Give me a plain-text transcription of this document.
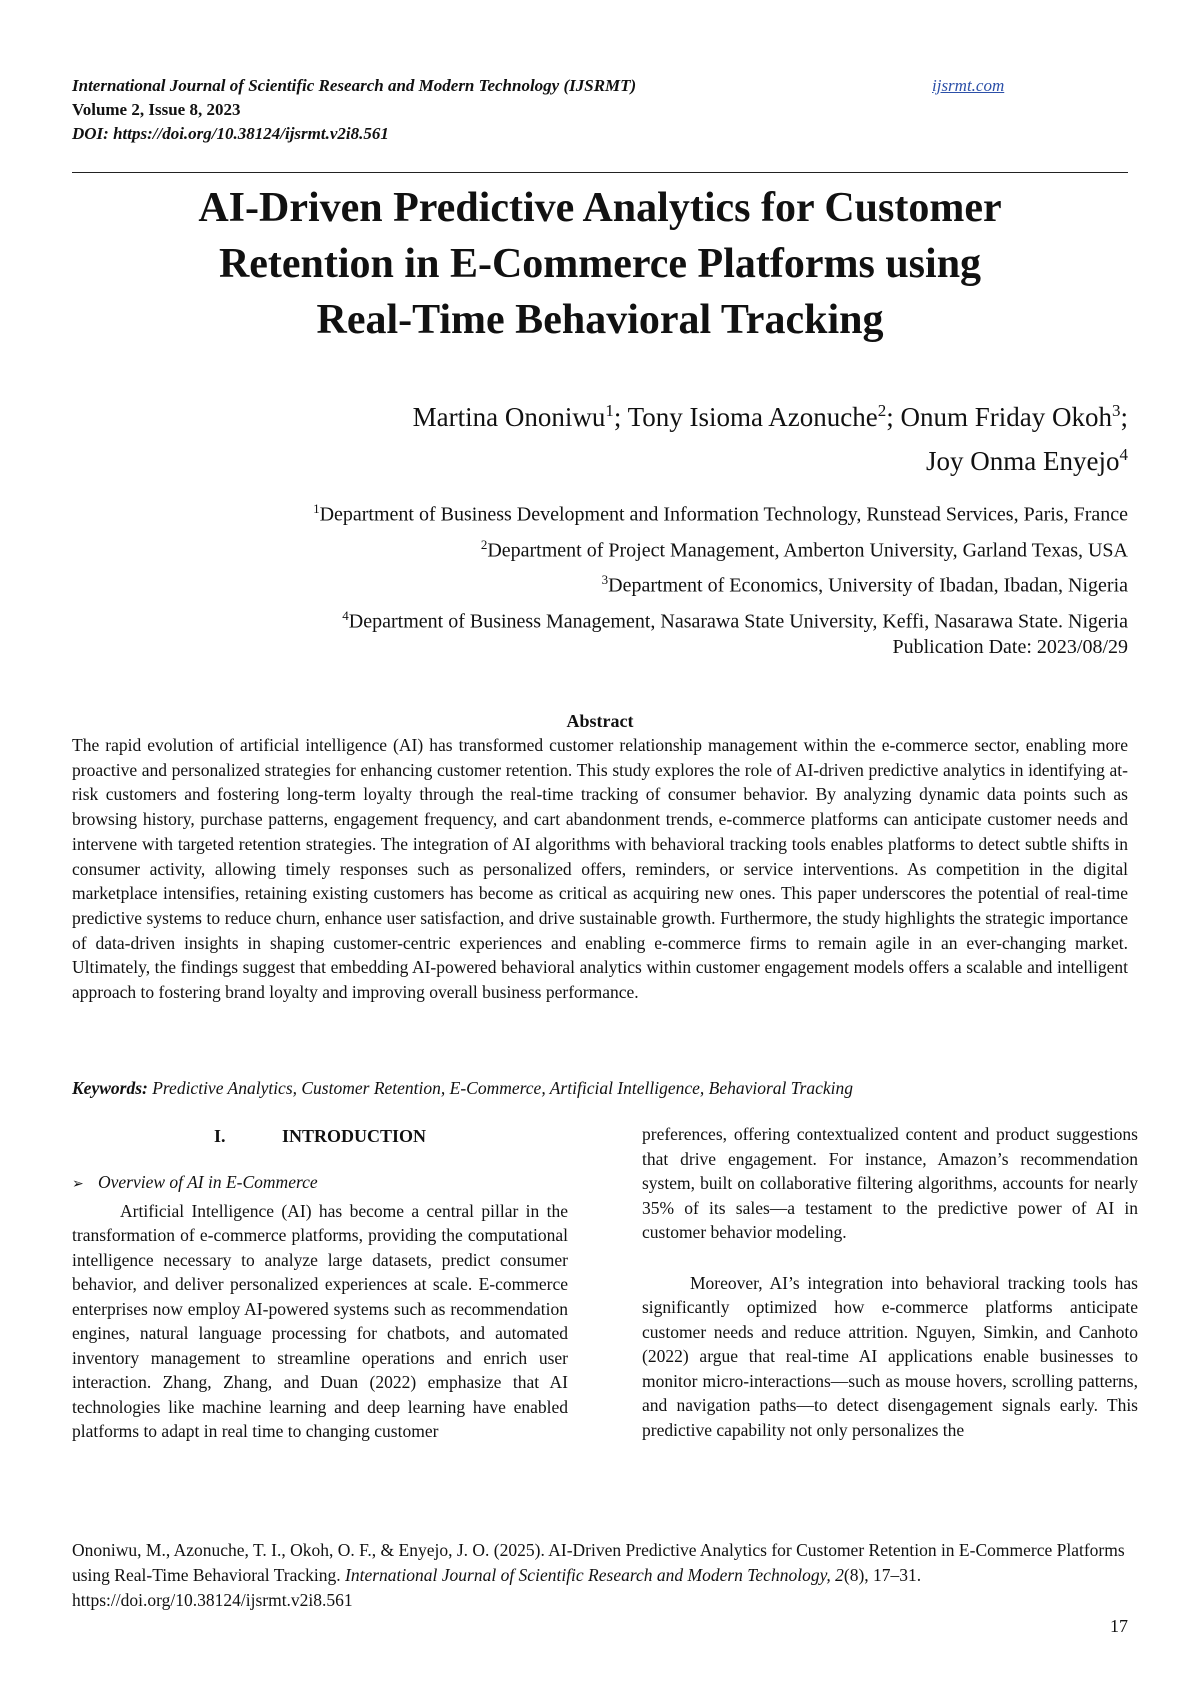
International Journal of Scientific Research and Modern Technology (IJSRMT)	ijsrmt.com
Volume 2, Issue 8, 2023
DOI: https://doi.org/10.38124/ijsrmt.v2i8.561
AI-Driven Predictive Analytics for Customer
Retention in E-Commerce Platforms using
Real-Time Behavioral Tracking
Martina Ononiwu$^1$; Tony Isioma Azonuche$^2$; Onum Friday Okoh$^3$;
Joy Onma Enyejo$^4$
$^1$Department of Business Development and Information Technology, Runstead Services, Paris, France
$^2$Department of Project Management, Amberton University, Garland Texas, USA
$^3$Department of Economics, University of Ibadan, Ibadan, Nigeria
$^4$Department of Business Management, Nasarawa State University, Keffi, Nasarawa State. Nigeria
Publication Date: 2023/08/29
Abstract

The rapid evolution of artificial intelligence (AI) has transformed customer relationship management within the e-commerce sector, enabling more proactive and personalized strategies for enhancing customer retention. This study explores the role of AI-driven predictive analytics in identifying at-risk customers and fostering long-term loyalty through the real-time tracking of consumer behavior. By analyzing dynamic data points such as browsing history, purchase patterns, engagement frequency, and cart abandonment trends, e-commerce platforms can anticipate customer needs and intervene with targeted retention strategies. The integration of AI algorithms with behavioral tracking tools enables platforms to detect subtle shifts in consumer activity, allowing timely responses such as personalized offers, reminders, or service interventions. As competition in the digital marketplace intensifies, retaining existing customers has become as critical as acquiring new ones. This paper underscores the potential of real-time predictive systems to reduce churn, enhance user satisfaction, and drive sustainable growth. Furthermore, the study highlights the strategic importance of data-driven insights in shaping customer-centric experiences and enabling e-commerce firms to remain agile in an ever-changing market. Ultimately, the findings suggest that embedding AI-powered behavioral analytics within customer engagement models offers a scalable and intelligent approach to fostering brand loyalty and improving overall business performance.

Keywords: Predictive Analytics, Customer Retention, E-Commerce, Artificial Intelligence, Behavioral Tracking
I.	INTRODUCTION
➢ Overview of AI in E-Commerce

Artificial Intelligence (AI) has become a central pillar in the transformation of e-commerce platforms, providing the computational intelligence necessary to analyze large datasets, predict consumer behavior, and deliver personalized experiences at scale. E-commerce enterprises now employ AI-powered systems such as recommendation engines, natural language processing for chatbots, and automated inventory management to streamline operations and enrich user interaction. Zhang, Zhang, and Duan (2022) emphasize that AI technologies like machine learning and deep learning have enabled platforms to adapt in real time to changing customer

preferences, offering contextualized content and product suggestions that drive engagement. For instance, Amazon’s recommendation system, built on collaborative filtering algorithms, accounts for nearly 35% of its sales—a testament to the predictive power of AI in customer behavior modeling.

Moreover, AI’s integration into behavioral tracking tools has significantly optimized how e-commerce platforms anticipate customer needs and reduce attrition. Nguyen, Simkin, and Canhoto (2022) argue that real-time AI applications enable businesses to monitor micro-interactions—such as mouse hovers, scrolling patterns, and navigation paths—to detect disengagement signals early. This predictive capability not only personalizes the

Ononiwu, M., Azonuche, T. I., Okoh, O. F., & Enyejo, J. O. (2025). AI-Driven Predictive Analytics for Customer Retention in E-Commerce Platforms using Real-Time Behavioral Tracking. International Journal of Scientific Research and Modern Technology, 2(8), 17–31. https://doi.org/10.38124/ijsrmt.v2i8.561
17
